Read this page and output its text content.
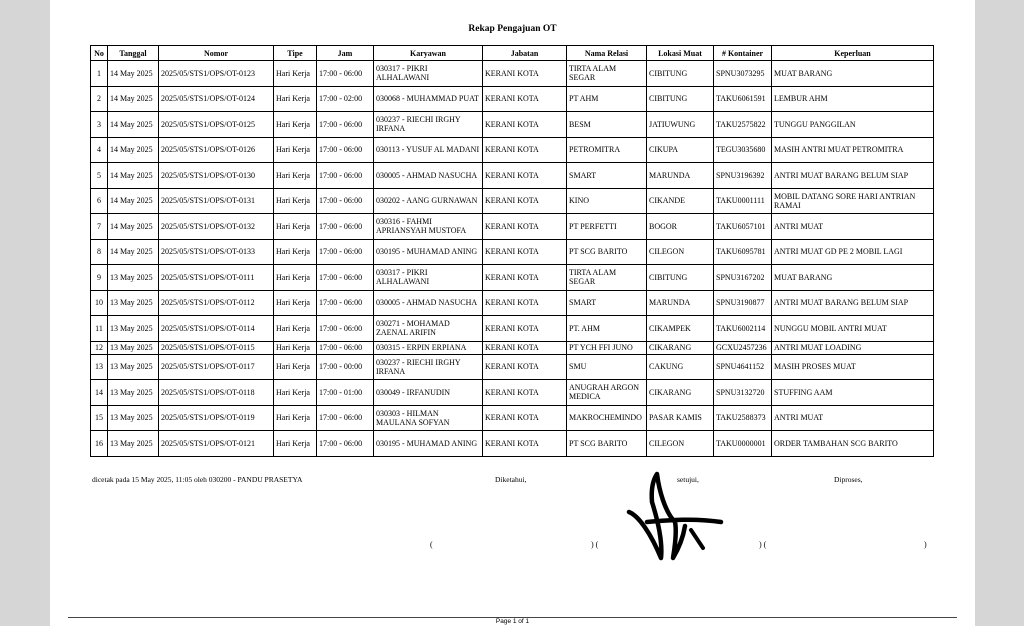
Rekap Pengajuan OT
No	Tanggal	Nomor	Tipe	Jam	Karyawan	Jabatan	Nama Relasi	Lokasi Muat	# Kontainer	Keperluan
1	14 May 2025	2025/05/STS1/OPS/OT-0123	Hari Kerja	17:00 - 06:00	030317 - PIKRI ALHALAWANI	KERANI KOTA	TIRTA ALAM SEGAR	CIBITUNG	SPNU3073295	MUAT BARANG
2	14 May 2025	2025/05/STS1/OPS/OT-0124	Hari Kerja	17:00 - 02:00	030068 - MUHAMMAD PUAT	KERANI KOTA	PT AHM	CIBITUNG	TAKU6061591	LEMBUR AHM
3	14 May 2025	2025/05/STS1/OPS/OT-0125	Hari Kerja	17:00 - 06:00	030237 - RIECHI IRGHY IRFANA	KERANI KOTA	BESM	JATIUWUNG	TAKU2575822	TUNGGU PANGGILAN
4	14 May 2025	2025/05/STS1/OPS/OT-0126	Hari Kerja	17:00 - 06:00	030113 - YUSUF AL MADANI	KERANI KOTA	PETROMITRA	CIKUPA	TEGU3035680	MASIH ANTRI MUAT PETROMITRA
5	14 May 2025	2025/05/STS1/OPS/OT-0130	Hari Kerja	17:00 - 06:00	030005 - AHMAD NASUCHA	KERANI KOTA	SMART	MARUNDA	SPNU3196392	ANTRI MUAT BARANG BELUM SIAP
6	14 May 2025	2025/05/STS1/OPS/OT-0131	Hari Kerja	17:00 - 06:00	030202 - AANG GURNAWAN	KERANI KOTA	KINO	CIKANDE	TAKU0001111	MOBIL DATANG SORE HARI ANTRIAN RAMAI
7	14 May 2025	2025/05/STS1/OPS/OT-0132	Hari Kerja	17:00 - 06:00	030316 - FAHMI APRIANSYAH MUSTOFA	KERANI KOTA	PT PERFETTI	BOGOR	TAKU6057101	ANTRI MUAT
8	14 May 2025	2025/05/STS1/OPS/OT-0133	Hari Kerja	17:00 - 06:00	030195 - MUHAMAD ANING	KERANI KOTA	PT SCG BARITO	CILEGON	TAKU6095781	ANTRI MUAT GD PE 2 MOBIL LAGI
9	13 May 2025	2025/05/STS1/OPS/OT-0111	Hari Kerja	17:00 - 06:00	030317 - PIKRI ALHALAWANI	KERANI KOTA	TIRTA ALAM SEGAR	CIBITUNG	SPNU3167202	MUAT BARANG
10	13 May 2025	2025/05/STS1/OPS/OT-0112	Hari Kerja	17:00 - 06:00	030005 - AHMAD NASUCHA	KERANI KOTA	SMART	MARUNDA	SPNU3190877	ANTRI MUAT BARANG BELUM SIAP
11	13 May 2025	2025/05/STS1/OPS/OT-0114	Hari Kerja	17:00 - 06:00	030271 - MOHAMAD ZAENAL ARIFIN	KERANI KOTA	PT. AHM	CIKAMPEK	TAKU6002114	NUNGGU MOBIL ANTRI MUAT
12	13 May 2025	2025/05/STS1/OPS/OT-0115	Hari Kerja	17:00 - 06:00	030315 - ERPIN ERPIANA	KERANI KOTA	PT YCH FFI JUNO	CIKARANG	GCXU2457236	ANTRI MUAT LOADING
13	13 May 2025	2025/05/STS1/OPS/OT-0117	Hari Kerja	17:00 - 00:00	030237 - RIECHI IRGHY IRFANA	KERANI KOTA	SMU	CAKUNG	SPNU4641152	MASIH PROSES MUAT
14	13 May 2025	2025/05/STS1/OPS/OT-0118	Hari Kerja	17:00 - 01:00	030049 - IRFANUDIN	KERANI KOTA	ANUGRAH ARGON MEDICA	CIKARANG	SPNU3132720	STUFFING AAM
15	13 May 2025	2025/05/STS1/OPS/OT-0119	Hari Kerja	17:00 - 06:00	030303 - HILMAN MAULANA SOFYAN	KERANI KOTA	MAKROCHEMINDO	PASAR KAMIS	TAKU2588373	ANTRI MUAT
16	13 May 2025	2025/05/STS1/OPS/OT-0121	Hari Kerja	17:00 - 06:00	030195 - MUHAMAD ANING	KERANI KOTA	PT SCG BARITO	CILEGON	TAKU0000001	ORDER TAMBAHAN SCG BARITO
dicetak pada 15 May 2025, 11:05 oleh 030200 - PANDU PRASETYA	Diketahui,	setujui,	Diproses,
(	) (	) (	)
Page 1 of 1
